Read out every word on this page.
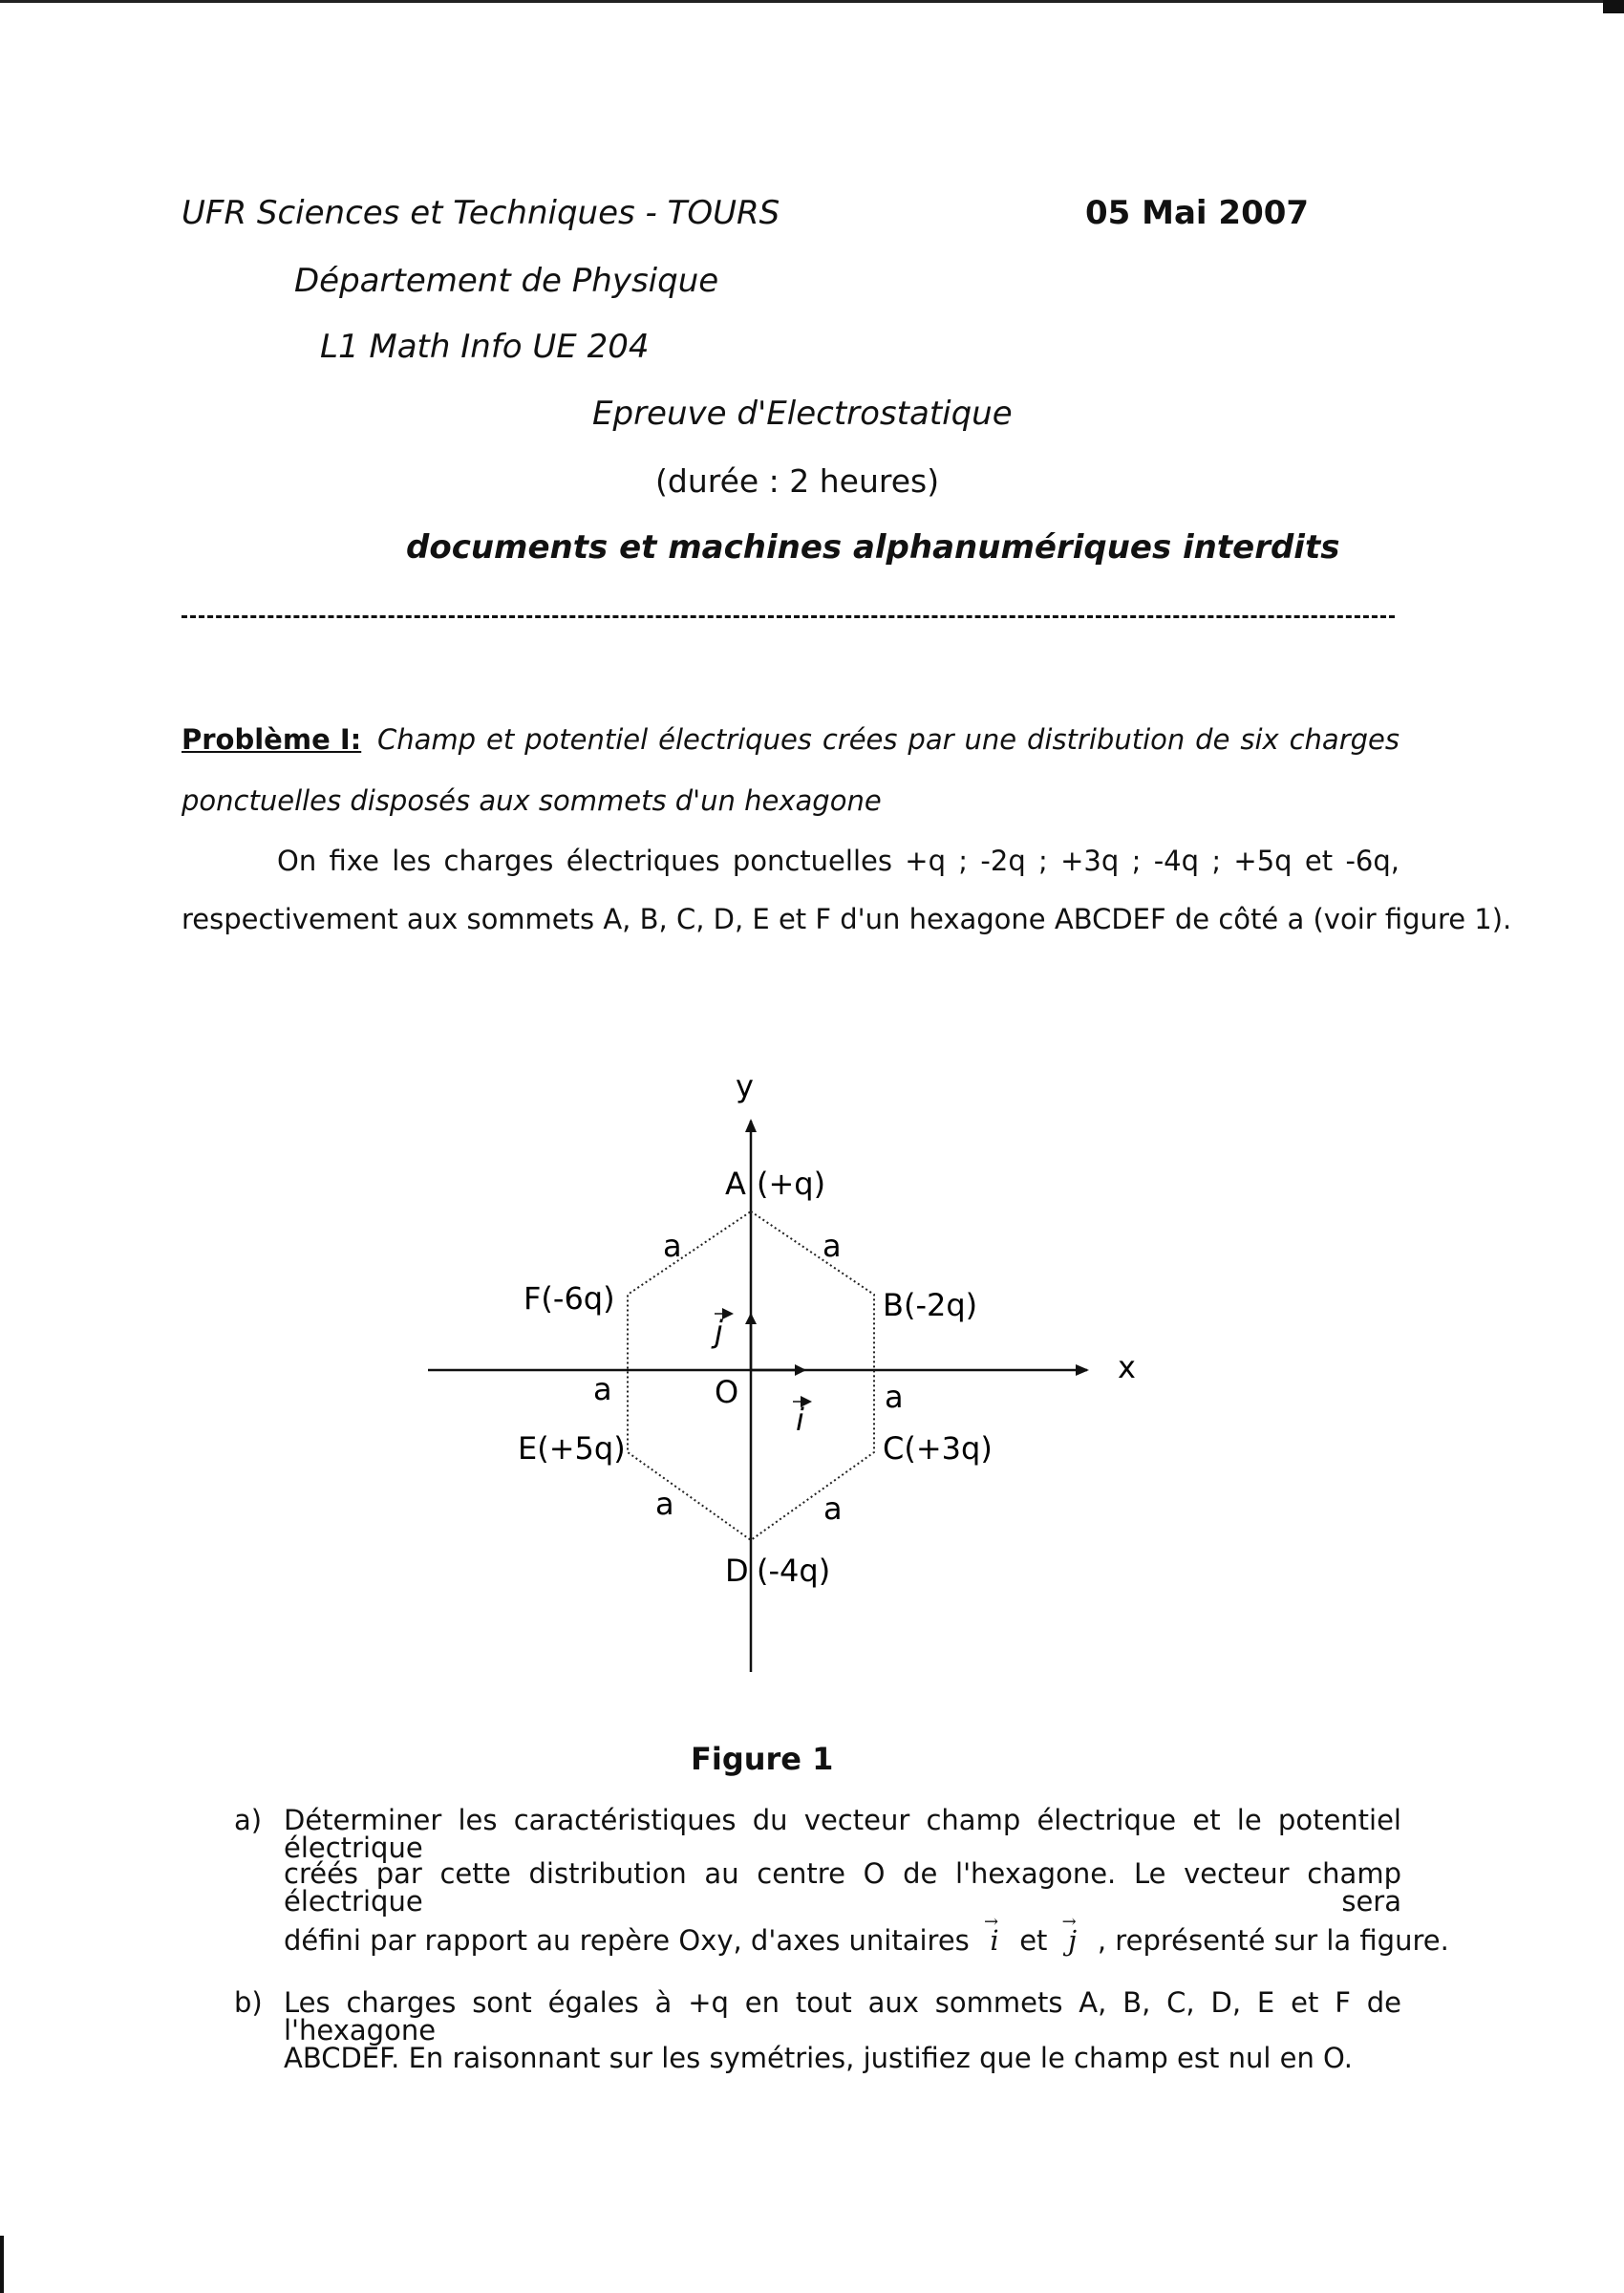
UFR Sciences et Techniques - TOURS	05 Mai 2007
Département de Physique
L1 Math Info UE 204
Epreuve d'Electrostatique
(durée : 2 heures)
documents et machines alphanumériques interdits
Problème I: Champ et potentiel électriques crées par une distribution de six charges
ponctuelles disposés aux sommets d'un hexagone
On fixe les charges électriques ponctuelles +q ; -2q ; +3q ; -4q ; +5q et -6q,
respectivement aux sommets A, B, C, D, E et F d'un hexagone ABCDEF de côté a (voir figure 1).
y
x
O
i
j
A (+q)
B(-2q)
C(+3q)
D (-4q)
E(+5q)
F(-6q)
a	a
a	a
a	a
Figure 1
a) Déterminer les caractéristiques du vecteur champ électrique et le potentiel électrique
créés par cette distribution au centre O de l'hexagone. Le vecteur champ électrique sera
défini par rapport au repère Oxy, d'axes unitaires
→
i et
→
j , représenté sur la figure.
b) Les charges sont égales à +q en tout aux sommets A, B, C, D, E et F de l'hexagone
ABCDEF. En raisonnant sur les symétries, justifiez que le champ est nul en O.
